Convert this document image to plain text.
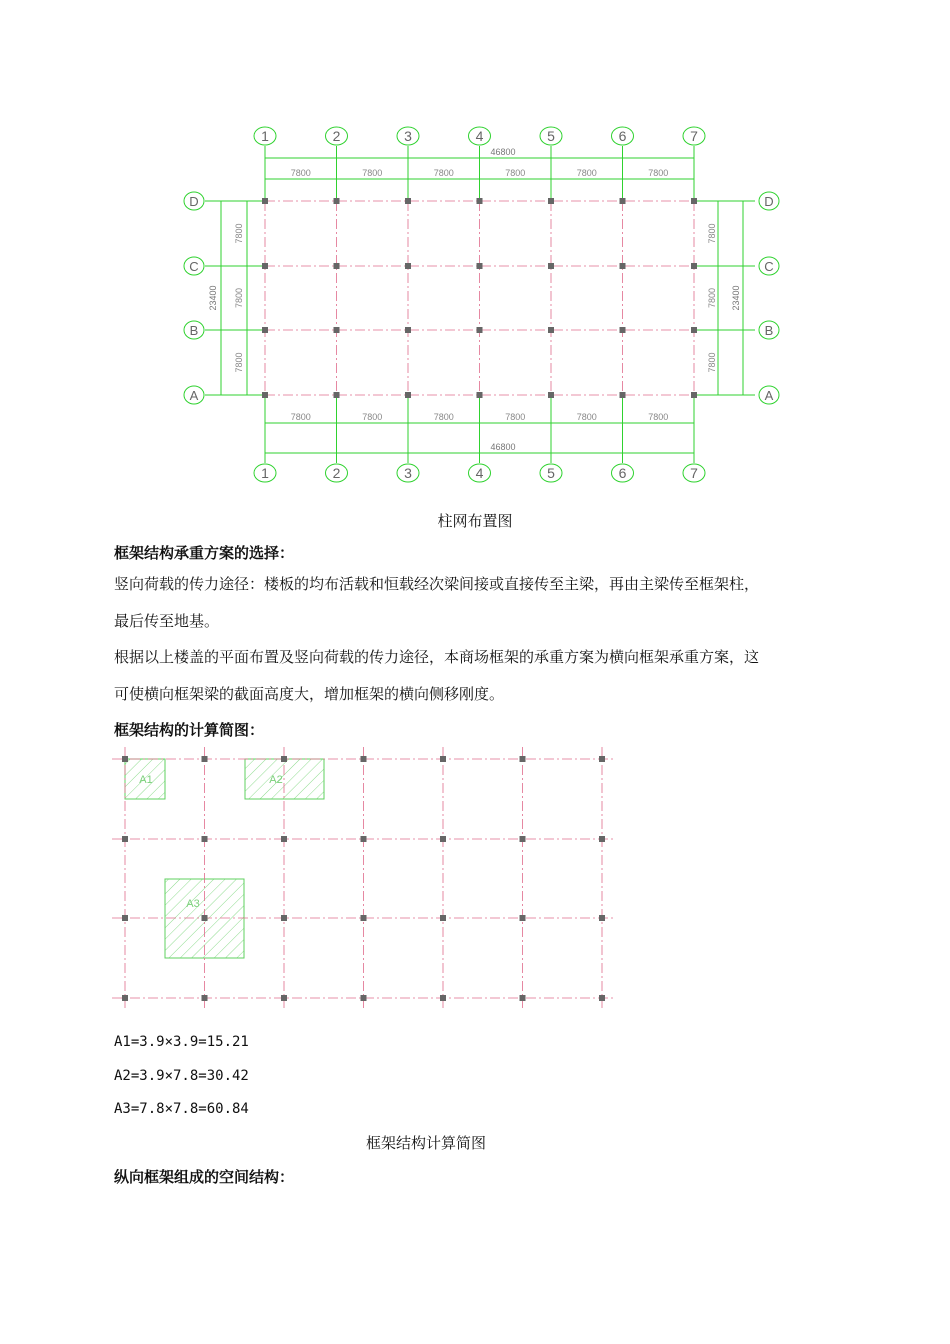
7800
7800
7800
7800
7800
7800
7800
7800
7800
7800
7800
7800
7800	7800
7800	7800
7800	7800
1
1
2
2
3
3
4
4
5
5
6
6
7
7
D	D
C	C
B	B
A	A
46800
46800
23400	23400
柱网布置图
框架结构承重方案的选择：
竖向荷载的传力途径：楼板的均布活载和恒载经次梁间接或直接传至主梁，再由主梁传至框架柱，
最后传至地基。
根据以上楼盖的平面布置及竖向荷载的传力途径，本商场框架的承重方案为横向框架承重方案，这
可使横向框架梁的截面高度大，增加框架的横向侧移刚度。
框架结构的计算简图：
A1	A2
A3
A1=3.9×3.9=15.21
A2=3.9×7.8=30.42
A3=7.8×7.8=60.84
框架结构计算简图
纵向框架组成的空间结构：
